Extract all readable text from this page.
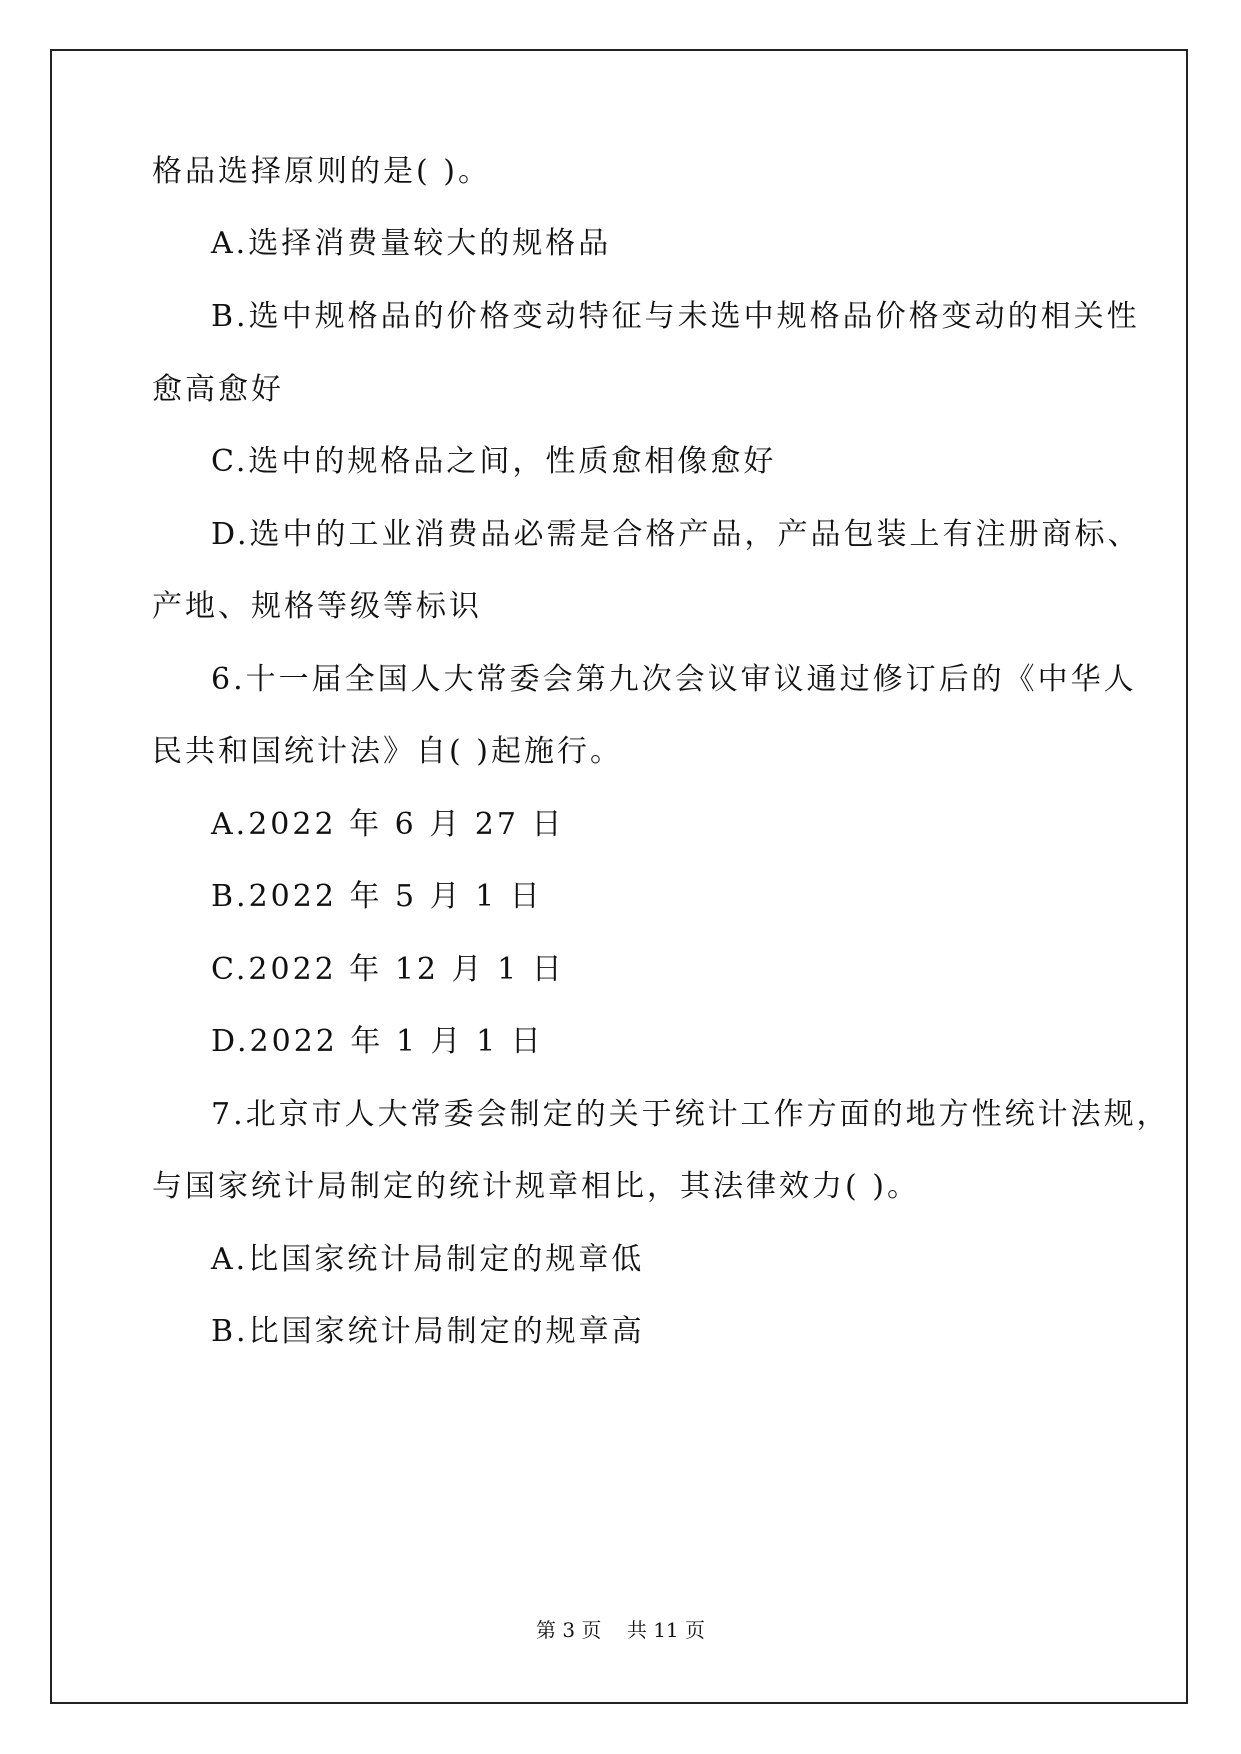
格品选择原则的是( )。
A.选择消费量较大的规格品
B.选中规格品的价格变动特征与未选中规格品价格变动的相关性
愈高愈好
C.选中的规格品之间，性质愈相像愈好
D.选中的工业消费品必需是合格产品，产品包装上有注册商标、
产地、规格等级等标识
6.十一届全国人大常委会第九次会议审议通过修订后的《中华人
民共和国统计法》自( )起施行。
A.2022 年 6 月 27 日
B.2022 年 5 月 1 日
C.2022 年 12 月 1 日
D.2022 年 1 月 1 日
7.北京市人大常委会制定的关于统计工作方面的地方性统计法规，
与国家统计局制定的统计规章相比，其法律效力( )。
A.比国家统计局制定的规章低
B.比国家统计局制定的规章高
第 3 页    共 11 页
